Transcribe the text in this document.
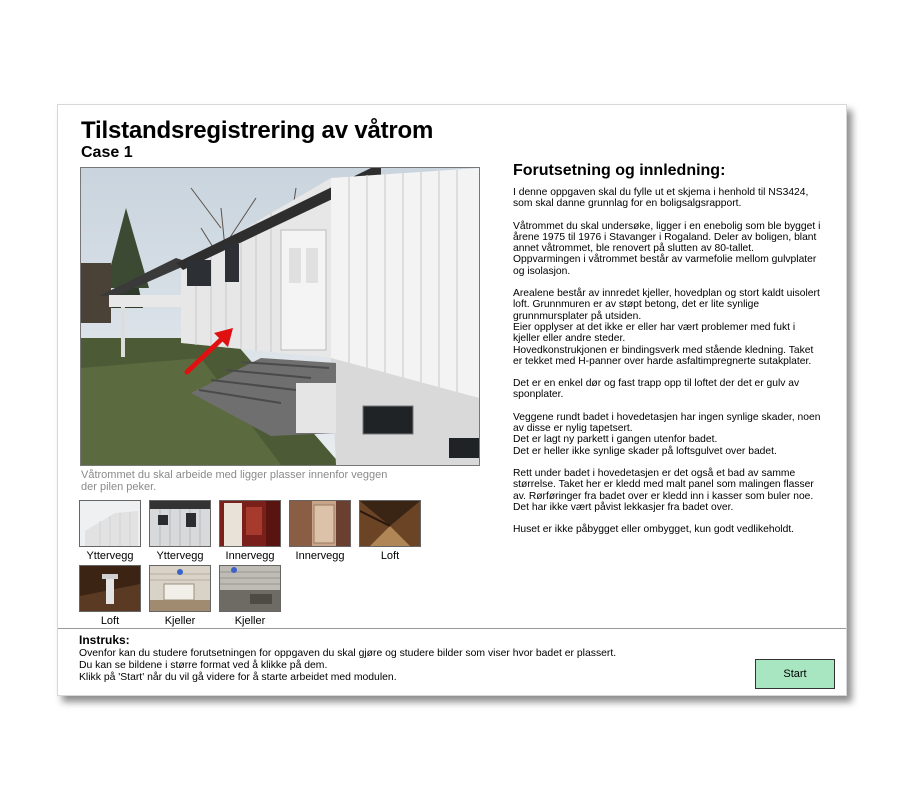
Tilstandsregistrering av våtrom
Case 1
Våtrommet du skal arbeide med ligger plasser innenfor veggen der pilen peker.
Yttervegg	Yttervegg	Innervegg	Innervegg	Loft
Loft	Kjeller	Kjeller
Forutsetning og innledning:

I denne oppgaven skal du fylle ut et skjema i henhold til NS3424, som skal danne grunnlag for en boligsalgsrapport.

Våtrommet du skal undersøke, ligger i en enebolig som ble bygget i årene 1975 til 1976 i Stavanger i Rogaland. Deler av boligen, blant annet våtrommet, ble renovert på slutten av 80-tallet. Oppvarmingen i våtrommet består av varmefolie mellom gulvplater og isolasjon.

Arealene består av innredet kjeller, hovedplan og stort kaldt uisolert loft. Grunnmuren er av støpt betong, det er lite synlige grunnmursplater på utsiden.
Eier opplyser at det ikke er eller har vært problemer med fukt i kjeller eller andre steder.
Hovedkonstrukjonen er bindingsverk med stående kledning. Taket er tekket med H-panner over harde asfaltimpregnerte sutakplater.

Det er en enkel dør og fast trapp opp til loftet der det er gulv av sponplater.

Veggene rundt badet i hovedetasjen har ingen synlige skader, noen av disse er nylig tapetsert.
Det er lagt ny parkett i gangen utenfor badet.
Det er heller ikke synlige skader på loftsgulvet over badet.

Rett under badet i hovedetasjen er det også et bad av samme størrelse. Taket her er kledd med malt panel som malingen flasser av. Rørføringer fra badet over er kledd inn i kasser som buler noe. Det har ikke vært påvist lekkasjer fra badet over.

Huset er ikke påbygget eller ombygget, kun godt vedlikeholdt.

Instruks:
Ovenfor kan du studere forutsetningen for oppgaven du skal gjøre og studere bilder som viser hvor badet er plassert.
Du kan se bildene i større format ved å klikke på dem.
Klikk på 'Start' når du vil gå videre for å starte arbeidet med modulen.	Start
